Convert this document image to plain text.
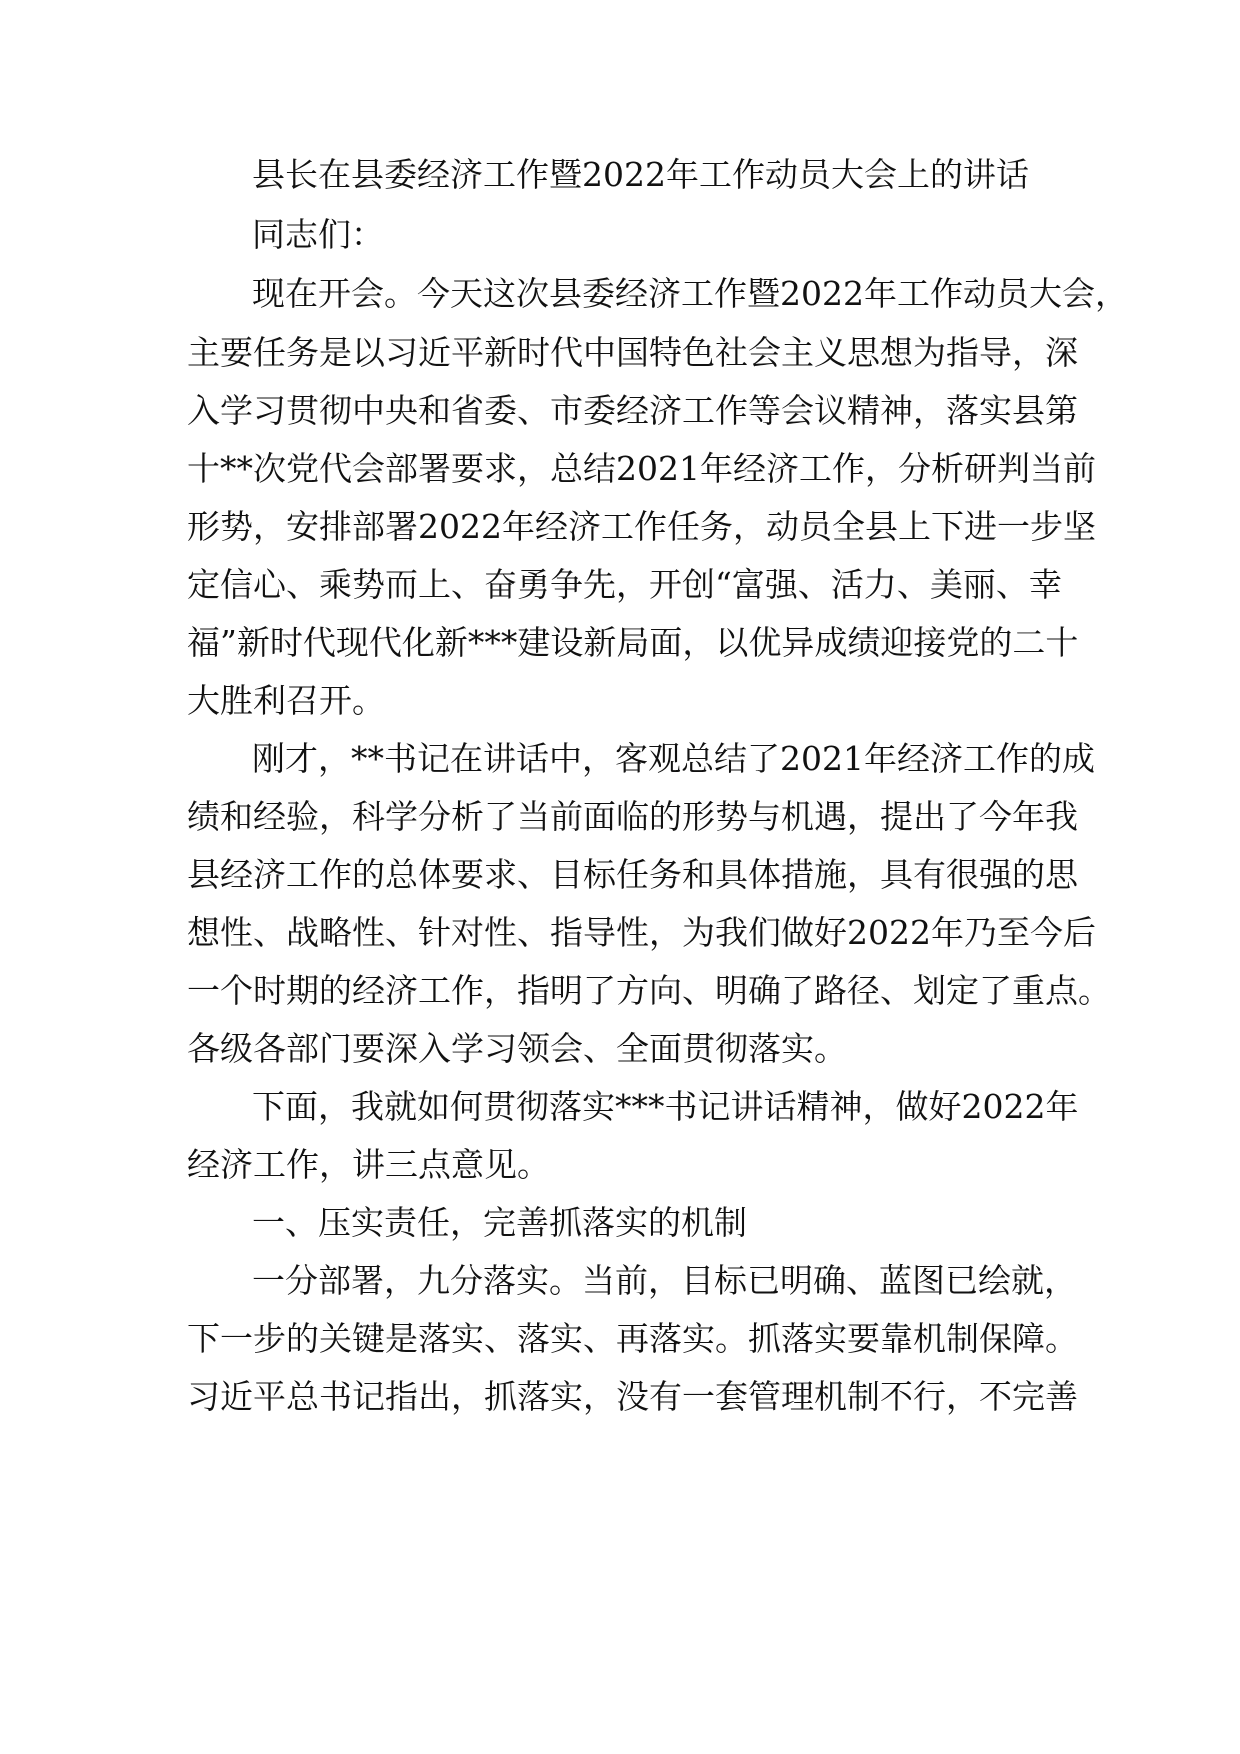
县长在县委经济工作暨2022年工作动员大会上的讲话

同志们：

现在开会。今天这次县委经济工作暨2022年工作动员大会，

主要任务是以习近平新时代中国特色社会主义思想为指导，深

入学习贯彻中央和省委、市委经济工作等会议精神，落实县第

十**次党代会部署要求，总结2021年经济工作，分析研判当前

形势，安排部署2022年经济工作任务，动员全县上下进一步坚

定信心、乘势而上、奋勇争先，开创“富强、活力、美丽、幸

福”新时代现代化新***建设新局面，以优异成绩迎接党的二十

大胜利召开。

刚才，**书记在讲话中，客观总结了2021年经济工作的成

绩和经验，科学分析了当前面临的形势与机遇，提出了今年我

县经济工作的总体要求、目标任务和具体措施，具有很强的思

想性、战略性、针对性、指导性，为我们做好2022年乃至今后

一个时期的经济工作，指明了方向、明确了路径、划定了重点。

各级各部门要深入学习领会、全面贯彻落实。

下面，我就如何贯彻落实***书记讲话精神，做好2022年

经济工作，讲三点意见。

一、压实责任，完善抓落实的机制

一分部署，九分落实。当前，目标已明确、蓝图已绘就，

下一步的关键是落实、落实、再落实。抓落实要靠机制保障。

习近平总书记指出，抓落实，没有一套管理机制不行，不完善
